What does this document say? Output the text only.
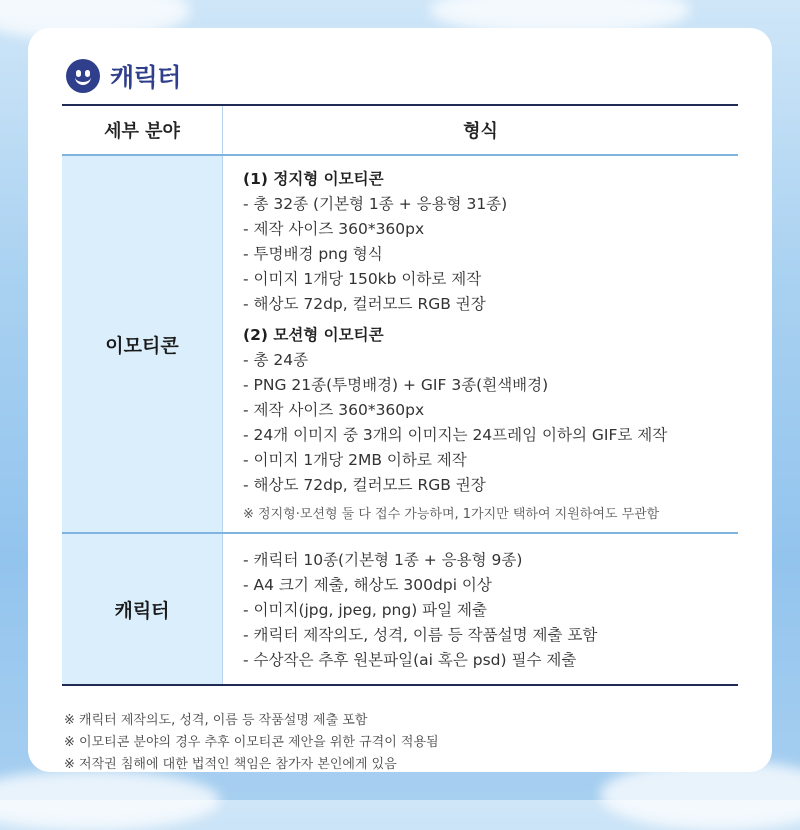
캐릭터
세부 분야	형식
이모티콘
(1) 정지형 이모티콘
- 총 32종 (기본형 1종 + 응용형 31종)
- 제작 사이즈 360*360px
- 투명배경 png 형식
- 이미지 1개당 150kb 이하로 제작
- 해상도 72dp, 컬러모드 RGB 권장
(2) 모션형 이모티콘
- 총 24종
- PNG 21종(투명배경) + GIF 3종(흰색배경)
- 제작 사이즈 360*360px
- 24개 이미지 중 3개의 이미지는 24프레임 이하의 GIF로 제작
- 이미지 1개당 2MB 이하로 제작
- 해상도 72dp, 컬러모드 RGB 권장
※ 정지형·모션형 둘 다 접수 가능하며, 1가지만 택하여 지원하여도 무관함
캐릭터
- 캐릭터 10종(기본형 1종 + 응용형 9종)
- A4 크기 제출, 해상도 300dpi 이상
- 이미지(jpg, jpeg, png) 파일 제출
- 캐릭터 제작의도, 성격, 이름 등 작품설명 제출 포함
- 수상작은 추후 원본파일(ai 혹은 psd) 필수 제출
※ 캐릭터 제작의도, 성격, 이름 등 작품설명 제출 포함
※ 이모티콘 분야의 경우 추후 이모티콘 제안을 위한 규격이 적용됨
※ 저작권 침해에 대한 법적인 책임은 참가자 본인에게 있음
